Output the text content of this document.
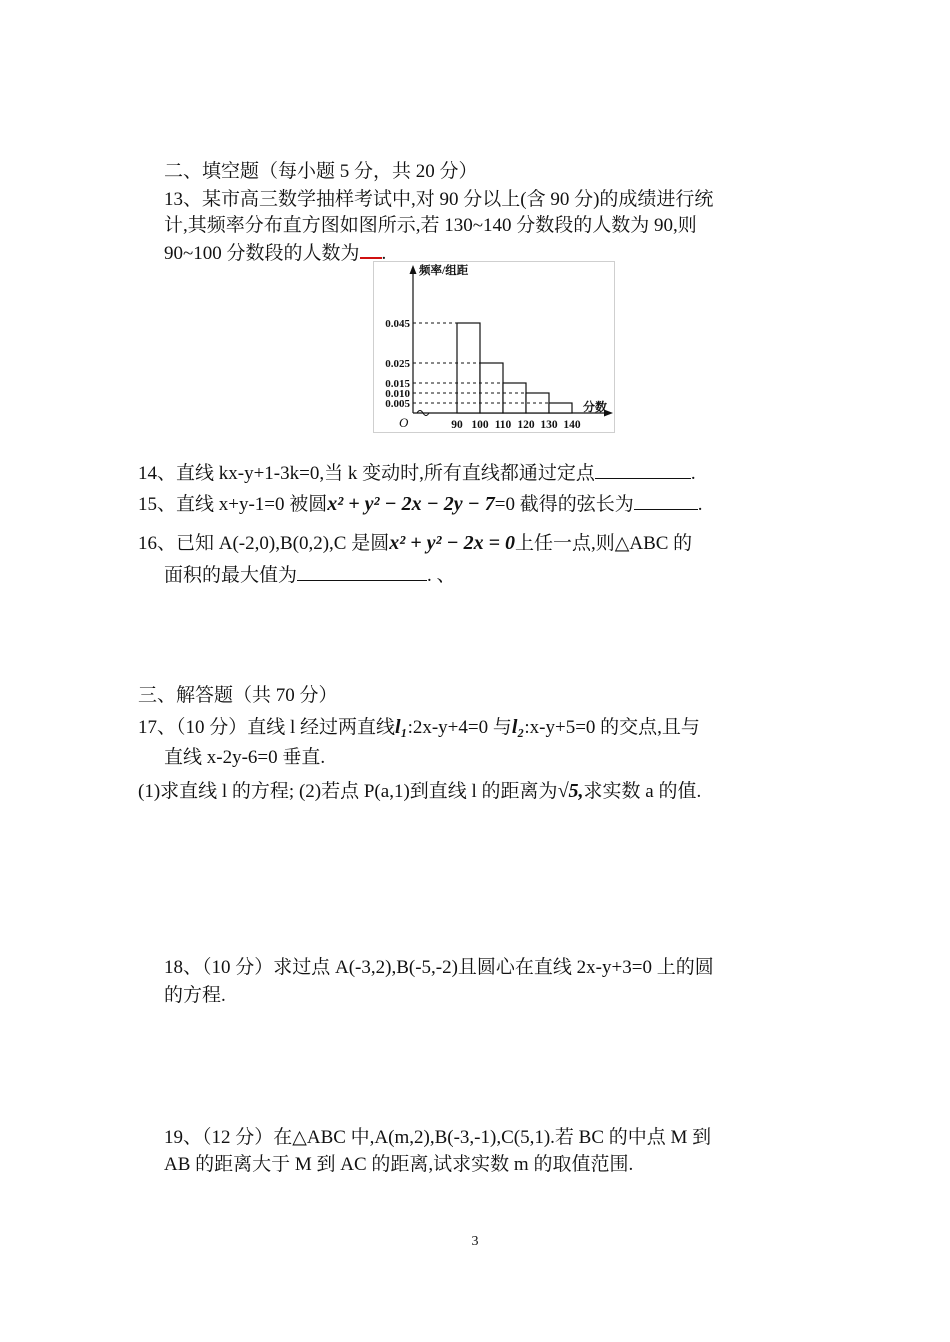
二、填空题（每小题 5 分，共 20 分）
13、某市高三数学抽样考试中,对 90 分以上(含 90 分)的成绩进行统
计,其频率分布直方图如图所示,若 130~140 分数段的人数为 90,则
90~100 分数段的人数为 .
0.045
0.025
0.015
0.010
0.005
90 100 110 120 130 140
频率/组距
分数
O
14、直线 kx-y+1-3k=0,当 k 变动时,所有直线都通过定点	.
15、直线 x+y-1=0 被圆x² + y² − 2x − 2y − 7=0 截得的弦长为	.
16、已知 A(-2,0),B(0,2),C 是圆x² + y² − 2x = 0上任一点,则△ABC 的
面积的最大值为	. 、
三、解答题（共 70 分）
17、（10 分）直线 l 经过两直线l₁:2x-y+4=0 与l₂:x-y+5=0 的交点,且与
直线 x-2y-6=0 垂直.
(1)求直线 l 的方程; (2)若点 P(a,1)到直线 l 的距离为√5,求实数 a 的值.
18、（10 分）求过点 A(-3,2),B(-5,-2)且圆心在直线 2x-y+3=0 上的圆
的方程.
19、（12 分）在△ABC 中,A(m,2),B(-3,-1),C(5,1).若 BC 的中点 M 到
AB 的距离大于 M 到 AC 的距离,试求实数 m 的取值范围.
3
